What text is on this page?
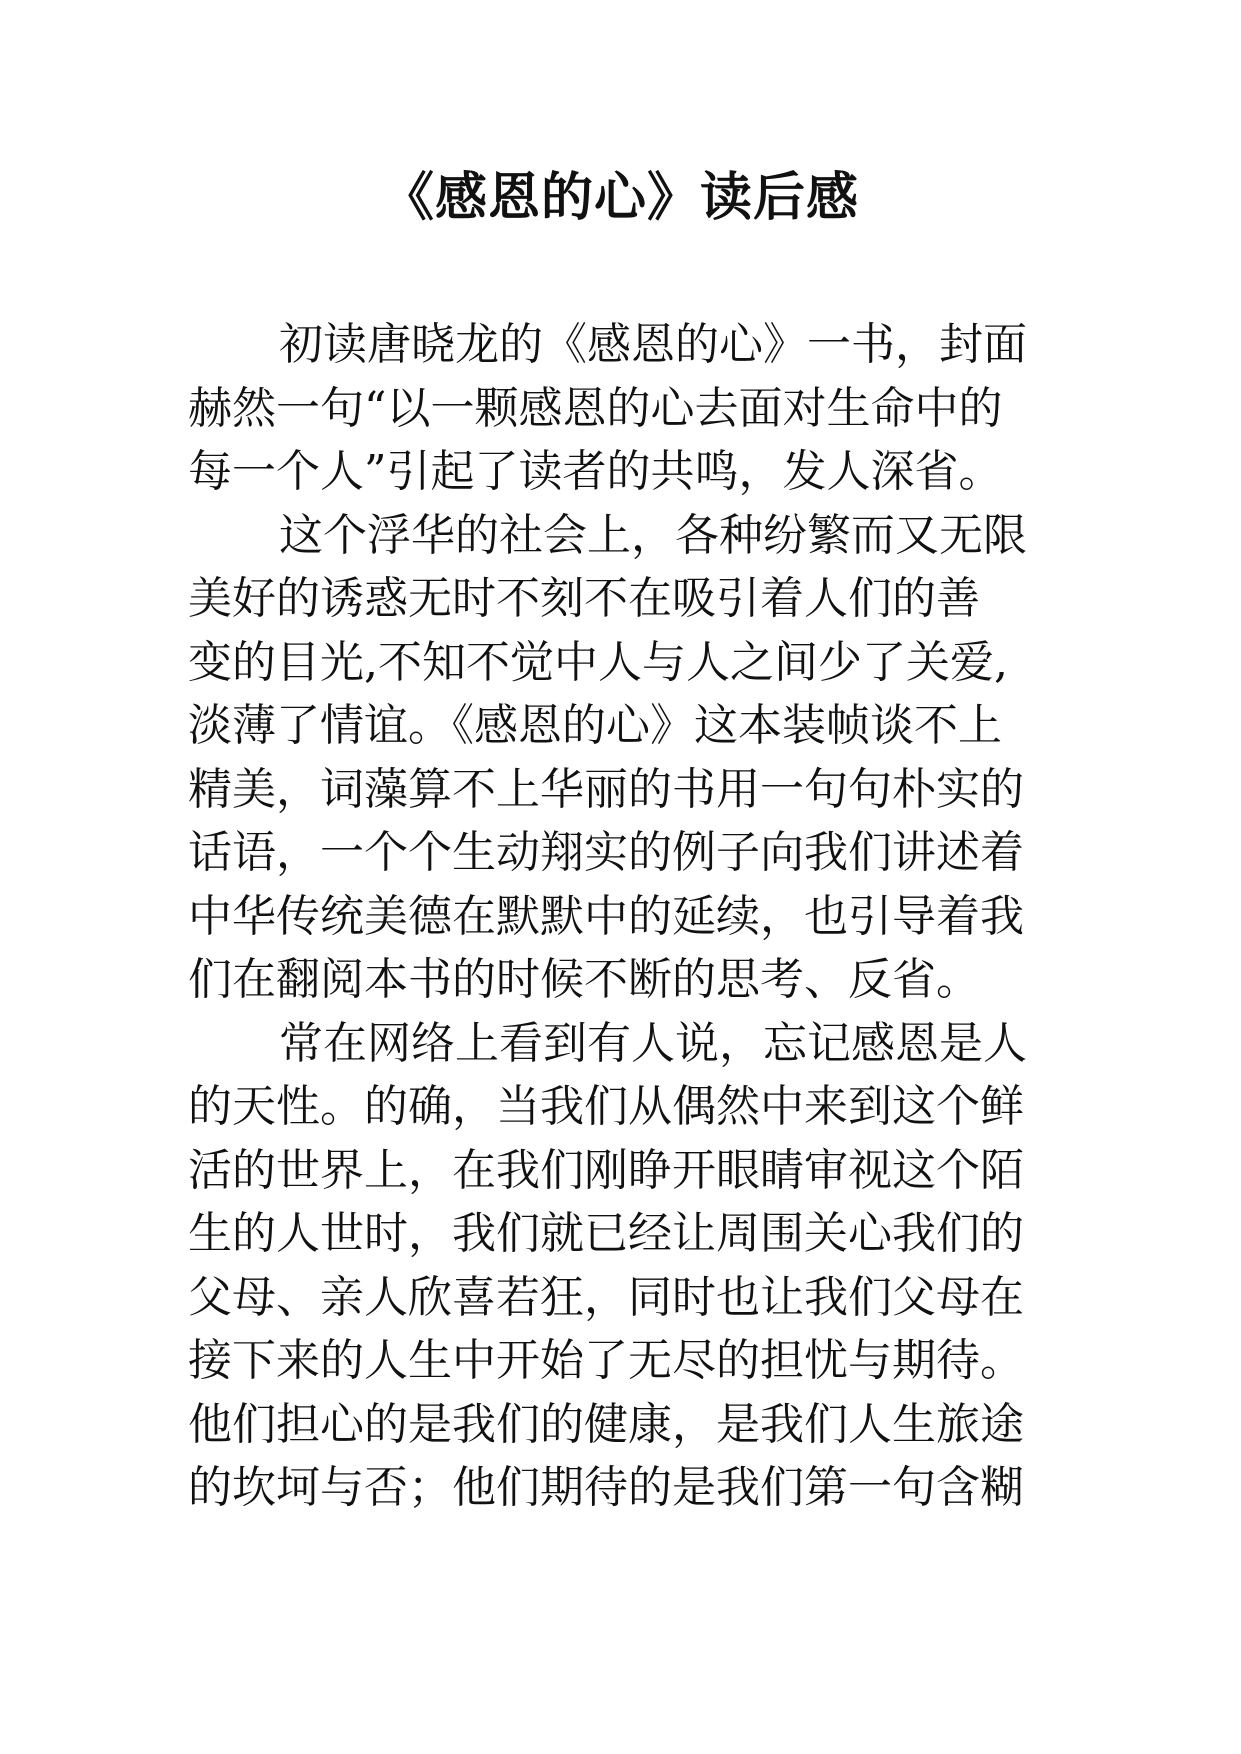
《感恩的心》读后感
初读唐晓龙的《感恩的心》一书，封面
赫然一句“以一颗感恩的心去面对生命中的
每一个人”引起了读者的共鸣，发人深省。
这个浮华的社会上，各种纷繁而又无限
美好的诱惑无时不刻不在吸引着人们的善
变的目光,不知不觉中人与人之间少了关爱,
淡薄了情谊。《感恩的心》这本装帧谈不上
精美，词藻算不上华丽的书用一句句朴实的
话语，一个个生动翔实的例子向我们讲述着
中华传统美德在默默中的延续，也引导着我
们在翻阅本书的时候不断的思考、反省。
常在网络上看到有人说，忘记感恩是人
的天性。的确，当我们从偶然中来到这个鲜
活的世界上，在我们刚睁开眼睛审视这个陌
生的人世时，我们就已经让周围关心我们的
父母、亲人欣喜若狂，同时也让我们父母在
接下来的人生中开始了无尽的担忧与期待。
他们担心的是我们的健康，是我们人生旅途
的坎坷与否；他们期待的是我们第一句含糊
